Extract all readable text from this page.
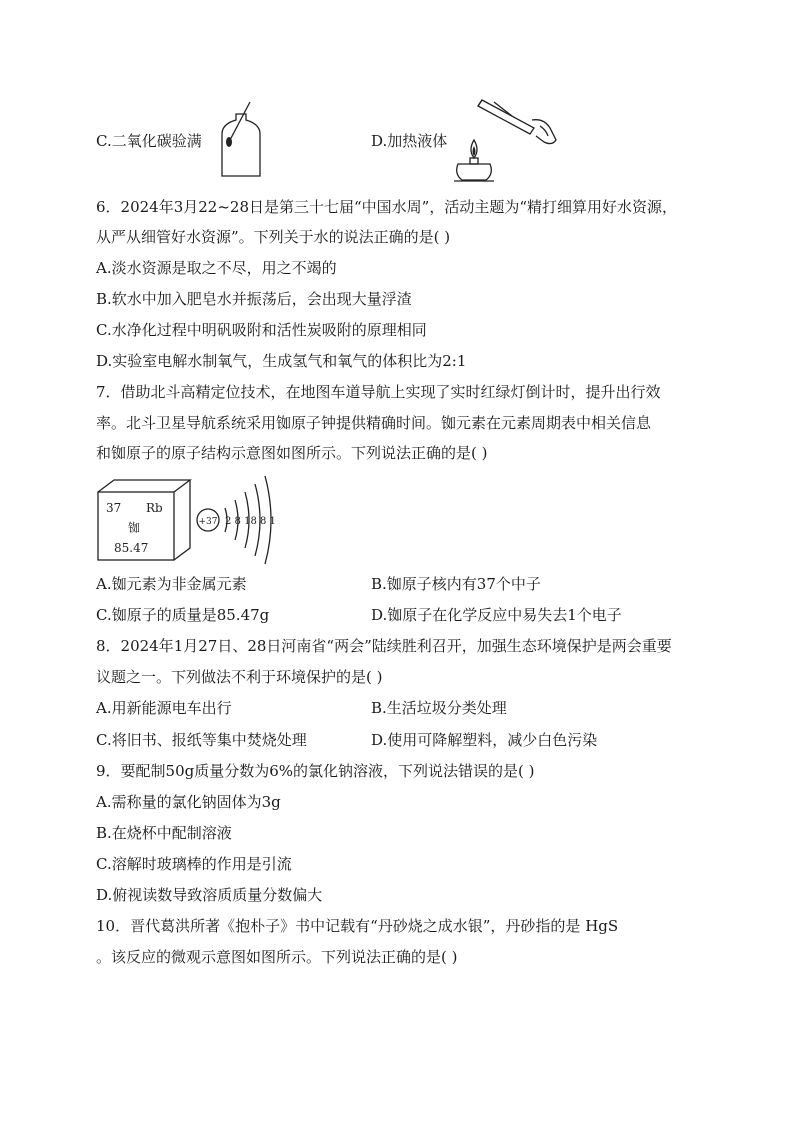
C.二氧化碳验满	D.加热液体
6．2024年3月22~28日是第三十七届“中国水周”，活动主题为“精打细算用好水资源，
从严从细管好水资源”。下列关于水的说法正确的是( )
A.淡水资源是取之不尽，用之不竭的
B.软水中加入肥皂水并振荡后，会出现大量浮渣
C.水净化过程中明矾吸附和活性炭吸附的原理相同
D.实验室电解水制氧气，生成氢气和氧气的体积比为2:1
7．借助北斗高精定位技术，在地图车道导航上实现了实时红绿灯倒计时，提升出行效
率。北斗卫星导航系统采用铷原子钟提供精确时间。铷元素在元素周期表中相关信息
和铷原子的原子结构示意图如图所示。下列说法正确的是( )
37 Rb
铷
85.47
+37 2 8 18 8 1
A.铷元素为非金属元素	B.铷原子核内有37个中子
C.铷原子的质量是85.47g	D.铷原子在化学反应中易失去1个电子
8．2024年1月27日、28日河南省“两会”陆续胜利召开，加强生态环境保护是两会重要
议题之一。下列做法不利于环境保护的是( )
A.用新能源电车出行	B.生活垃圾分类处理
C.将旧书、报纸等集中焚烧处理	D.使用可降解塑料，减少白色污染
9．要配制50g质量分数为6%的氯化钠溶液，下列说法错误的是( )
A.需称量的氯化钠固体为3g
B.在烧杯中配制溶液
C.溶解时玻璃棒的作用是引流
D.俯视读数导致溶质质量分数偏大
10．晋代葛洪所著《抱朴子》书中记载有“丹砂烧之成水银”，丹砂指的是 HgS
。该反应的微观示意图如图所示。下列说法正确的是( )
